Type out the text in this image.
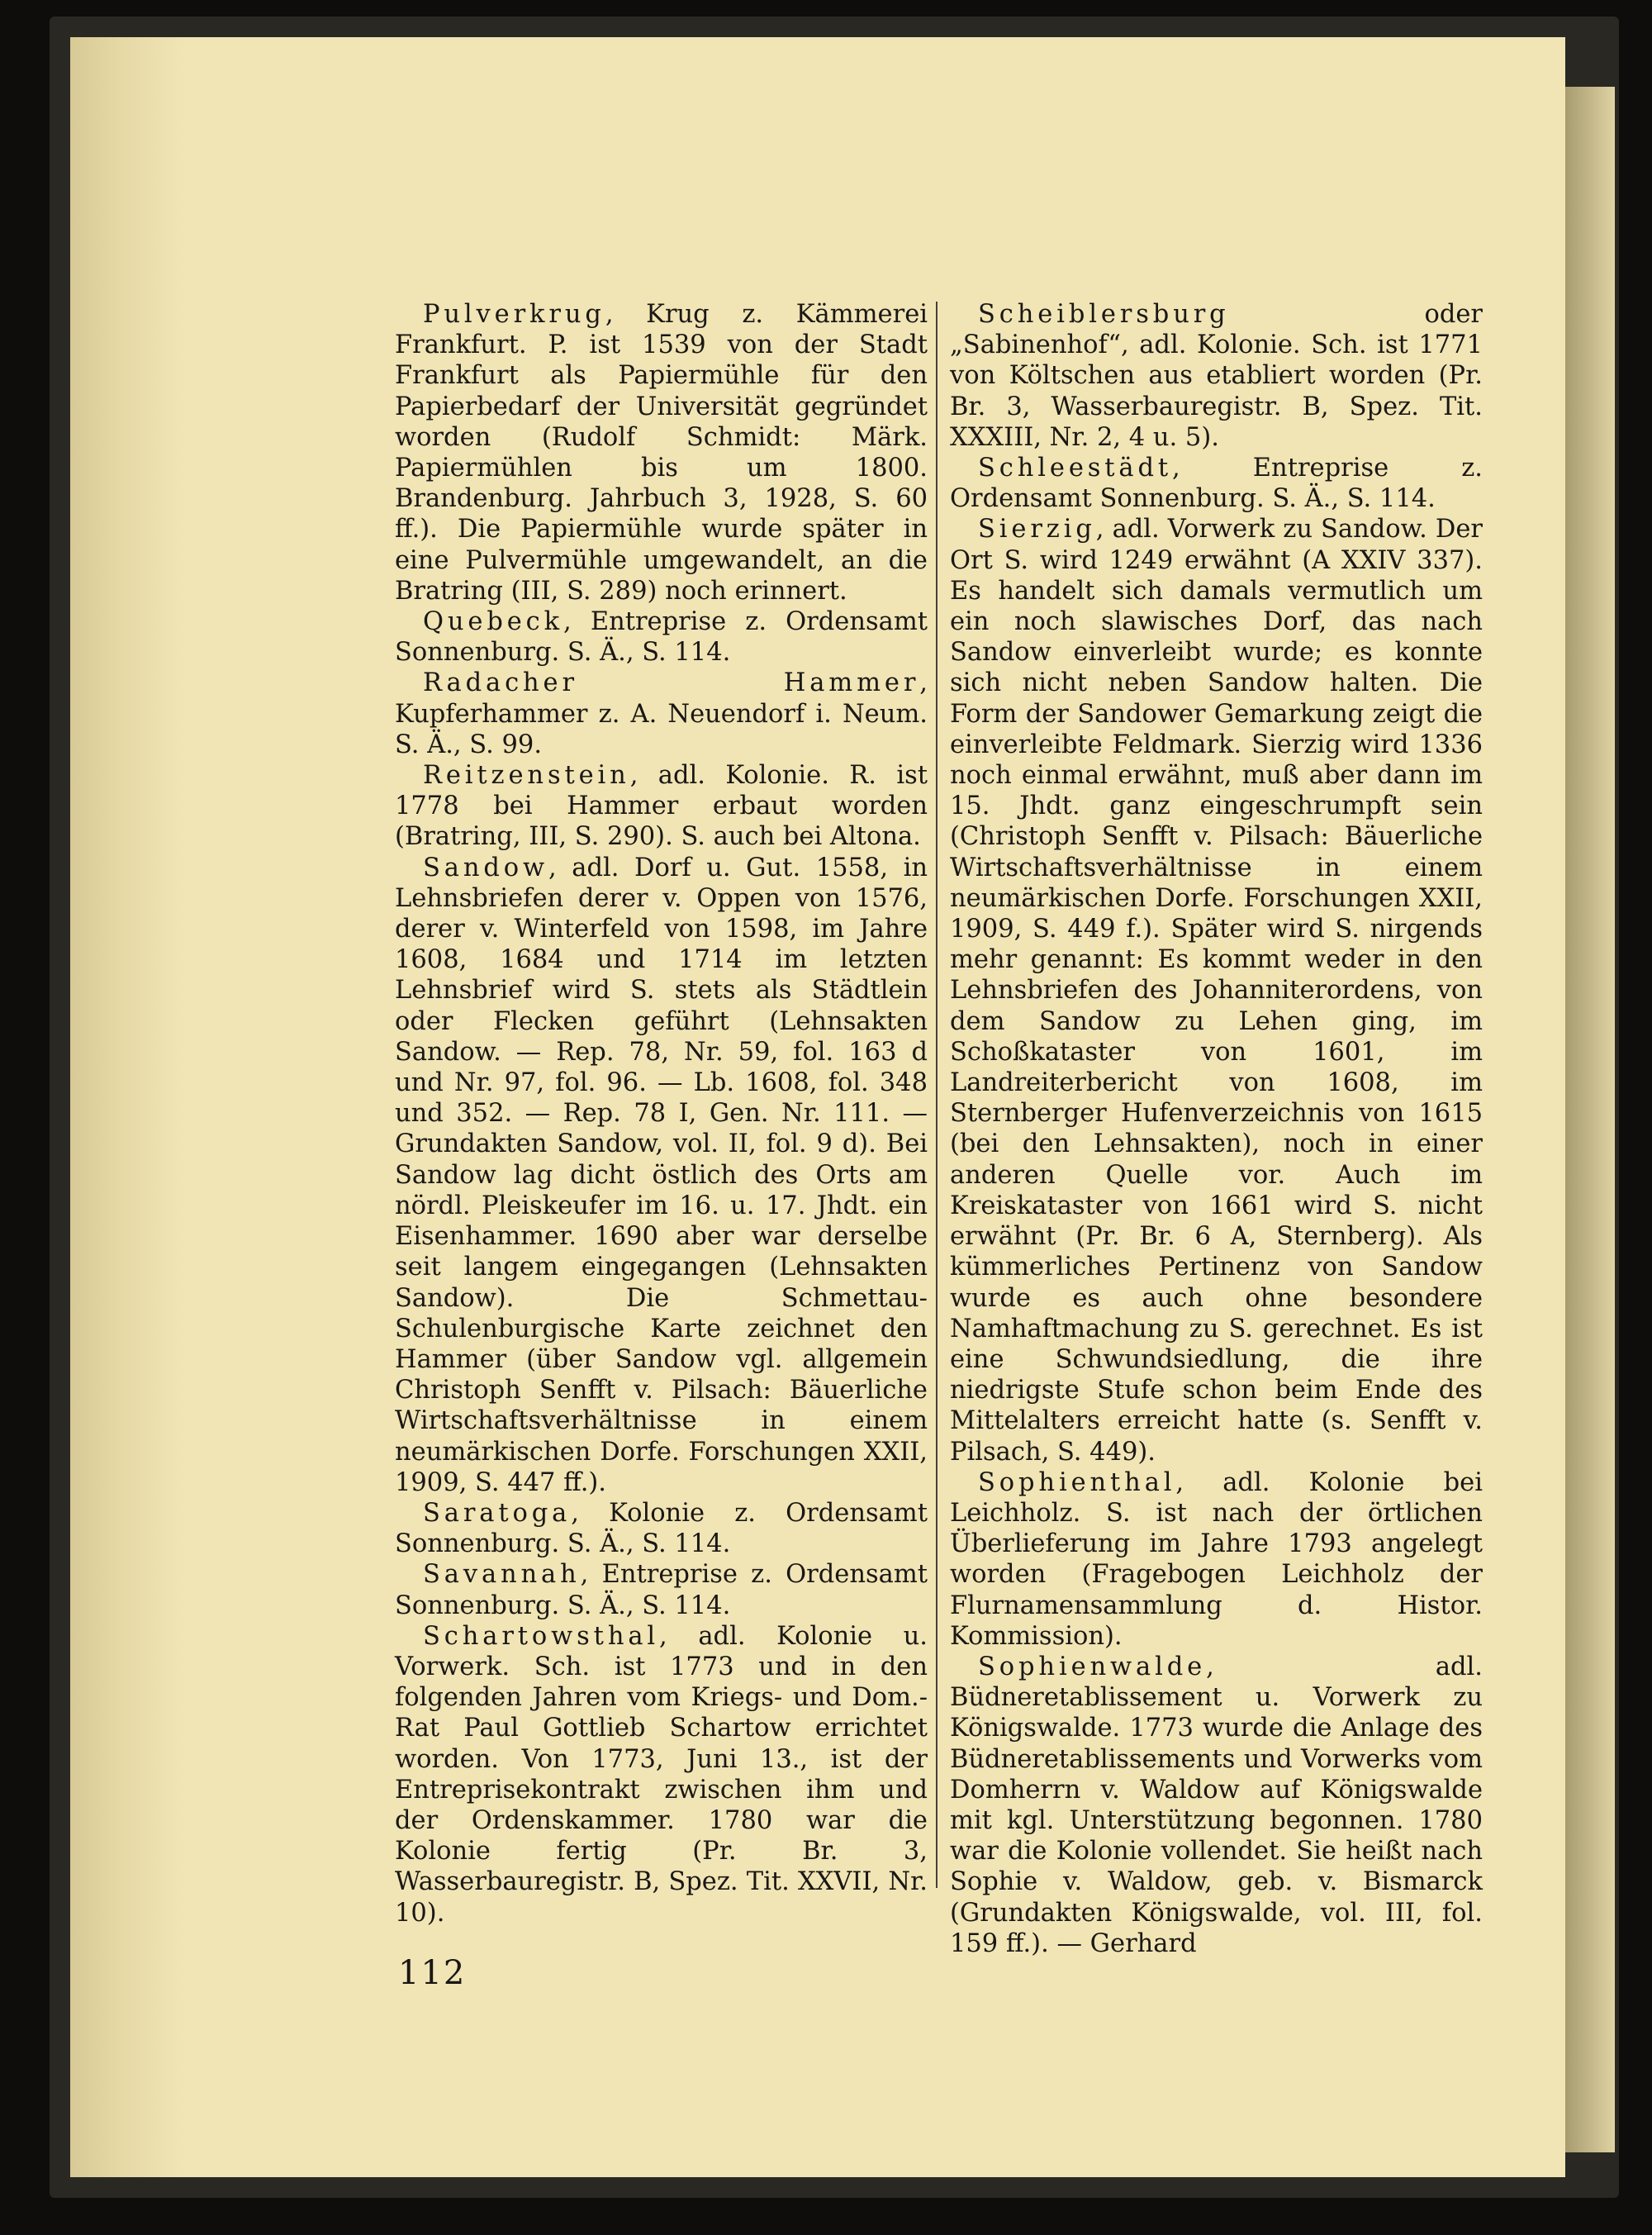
Pulverkrug, Krug z. Kämmerei Frankfurt. P. ist 1539 von der Stadt Frankfurt als Papiermühle für den Papierbedarf der Universität gegründet worden (Rudolf Schmidt: Märk. Papiermühlen bis um 1800. Brandenburg. Jahrbuch 3, 1928, S. 60 ff.). Die Papiermühle wurde später in eine Pulvermühle umgewandelt, an die Bratring (III, S. 289) noch erinnert.

Quebeck, Entreprise z. Ordensamt Sonnenburg. S. Ä., S. 114.

Radacher Hammer, Kupferhammer z. A. Neuendorf i. Neum. S. Ä., S. 99.

Reitzenstein, adl. Kolonie. R. ist 1778 bei Hammer erbaut worden (Bratring, III, S. 290). S. auch bei Altona.

Sandow, adl. Dorf u. Gut. 1558, in Lehnsbriefen derer v. Oppen von 1576, derer v. Winterfeld von 1598, im Jahre 1608, 1684 und 1714 im letzten Lehnsbrief wird S. stets als Städtlein oder Flecken geführt (Lehnsakten Sandow. — Rep. 78, Nr. 59, fol. 163 d und Nr. 97, fol. 96. — Lb. 1608, fol. 348 und 352. — Rep. 78 I, Gen. Nr. 111. — Grundakten Sandow, vol. II, fol. 9 d). Bei Sandow lag dicht östlich des Orts am nördl. Pleiskeufer im 16. u. 17. Jhdt. ein Eisenhammer. 1690 aber war derselbe seit langem eingegangen (Lehnsakten Sandow). Die Schmettau-Schulenburgische Karte zeichnet den Hammer (über Sandow vgl. allgemein Christoph Senfft v. Pilsach: Bäuerliche Wirtschaftsverhältnisse in einem neumärkischen Dorfe. Forschungen XXII, 1909, S. 447 ff.).

Saratoga, Kolonie z. Ordensamt Sonnenburg. S. Ä., S. 114.

Savannah, Entreprise z. Ordensamt Sonnenburg. S. Ä., S. 114.

Schartowsthal, adl. Kolonie u. Vorwerk. Sch. ist 1773 und in den folgenden Jahren vom Kriegs- und Dom.-Rat Paul Gottlieb Schartow errichtet worden. Von 1773, Juni 13., ist der Entreprisekontrakt zwischen ihm und der Ordenskammer. 1780 war die Kolonie fertig (Pr. Br. 3, Wasserbauregistr. B, Spez. Tit. XXVII, Nr. 10).

Scheiblersburg oder „Sabinenhof“, adl. Kolonie. Sch. ist 1771 von Költschen aus etabliert worden (Pr. Br. 3, Wasserbauregistr. B, Spez. Tit. XXXIII, Nr. 2, 4 u. 5).

Schleestädt, Entreprise z. Ordensamt Sonnenburg. S. Ä., S. 114.

Sierzig, adl. Vorwerk zu Sandow. Der Ort S. wird 1249 erwähnt (A XXIV 337). Es handelt sich damals vermutlich um ein noch slawisches Dorf, das nach Sandow einverleibt wurde; es konnte sich nicht neben Sandow halten. Die Form der Sandower Gemarkung zeigt die einverleibte Feldmark. Sierzig wird 1336 noch einmal erwähnt, muß aber dann im 15. Jhdt. ganz eingeschrumpft sein (Christoph Senfft v. Pilsach: Bäuerliche Wirtschaftsverhältnisse in einem neumärkischen Dorfe. Forschungen XXII, 1909, S. 449 f.). Später wird S. nirgends mehr genannt: Es kommt weder in den Lehnsbriefen des Johanniterordens, von dem Sandow zu Lehen ging, im Schoßkataster von 1601, im Landreiterbericht von 1608, im Sternberger Hufenverzeichnis von 1615 (bei den Lehnsakten), noch in einer anderen Quelle vor. Auch im Kreiskataster von 1661 wird S. nicht erwähnt (Pr. Br. 6 A, Sternberg). Als kümmerliches Pertinenz von Sandow wurde es auch ohne besondere Namhaftmachung zu S. gerechnet. Es ist eine Schwundsiedlung, die ihre niedrigste Stufe schon beim Ende des Mittelalters erreicht hatte (s. Senfft v. Pilsach, S. 449).

Sophienthal, adl. Kolonie bei Leichholz. S. ist nach der örtlichen Überlieferung im Jahre 1793 angelegt worden (Fragebogen Leichholz der Flurnamensammlung d. Histor. Kommission).

Sophienwalde, adl. Büdneretablissement u. Vorwerk zu Königswalde. 1773 wurde die Anlage des Büdneretablissements und Vorwerks vom Domherrn v. Waldow auf Königswalde mit kgl. Unterstützung begonnen. 1780 war die Kolonie vollendet. Sie heißt nach Sophie v. Waldow, geb. v. Bismarck (Grundakten Königswalde, vol. III, fol. 159 ff.). — Gerhard

112
